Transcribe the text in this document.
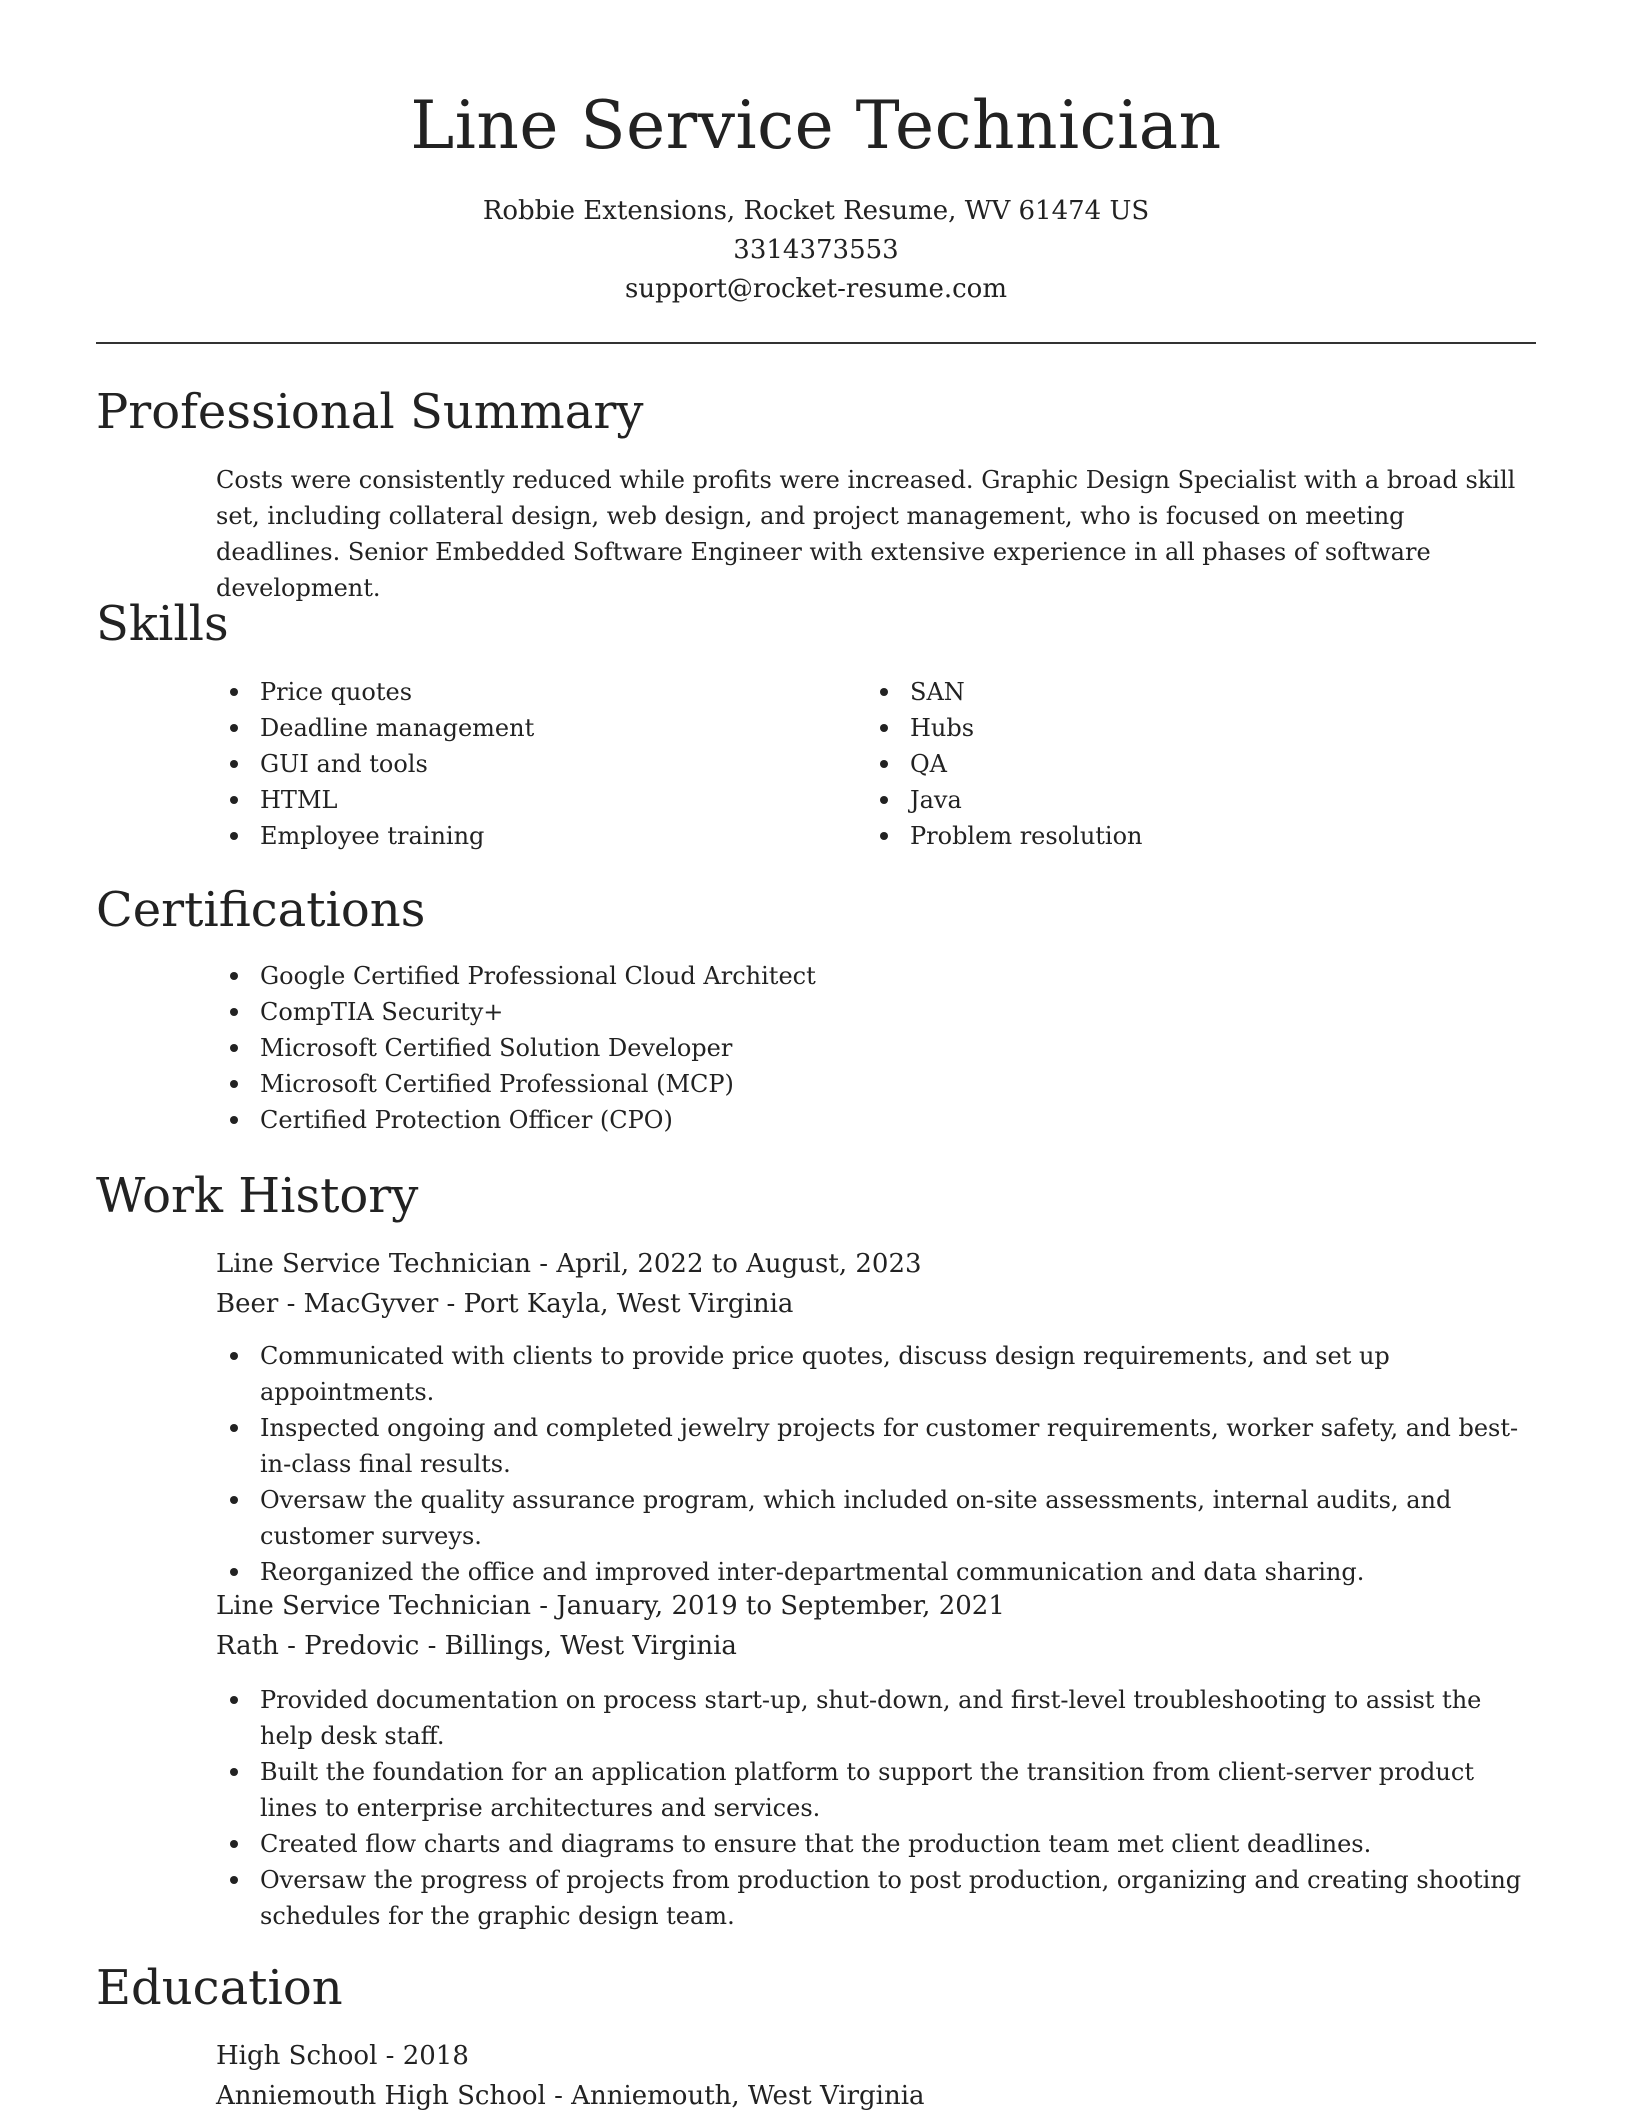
Line Service Technician
Robbie Extensions, Rocket Resume, WV 61474 US
3314373553
support@rocket-resume.com
Professional Summary
Costs were consistently reduced while profits were increased. Graphic Design Specialist with a broad skill set, including collateral design, web design, and project management, who is focused on meeting deadlines. Senior Embedded Software Engineer with extensive experience in all phases of software development.
Skills
Price quotes
Deadline management
GUI and tools
HTML
Employee training
SAN
Hubs
QA
Java
Problem resolution
Certifications
Google Certified Professional Cloud Architect
CompTIA Security+
Microsoft Certified Solution Developer
Microsoft Certified Professional (MCP)
Certified Protection Officer (CPO)
Work History
Line Service Technician - April, 2022 to August, 2023
Beer - MacGyver - Port Kayla, West Virginia
Communicated with clients to provide price quotes, discuss design requirements, and set up appointments.
Inspected ongoing and completed jewelry projects for customer requirements, worker safety, and best-in-class final results.
Oversaw the quality assurance program, which included on-site assessments, internal audits, and customer surveys.
Reorganized the office and improved inter-departmental communication and data sharing.
Line Service Technician - January, 2019 to September, 2021
Rath - Predovic - Billings, West Virginia
Provided documentation on process start-up, shut-down, and first-level troubleshooting to assist the help desk staff.
Built the foundation for an application platform to support the transition from client-server product lines to enterprise architectures and services.
Created flow charts and diagrams to ensure that the production team met client deadlines.
Oversaw the progress of projects from production to post production, organizing and creating shooting schedules for the graphic design team.
Education
High School - 2018
Anniemouth High School - Anniemouth, West Virginia
